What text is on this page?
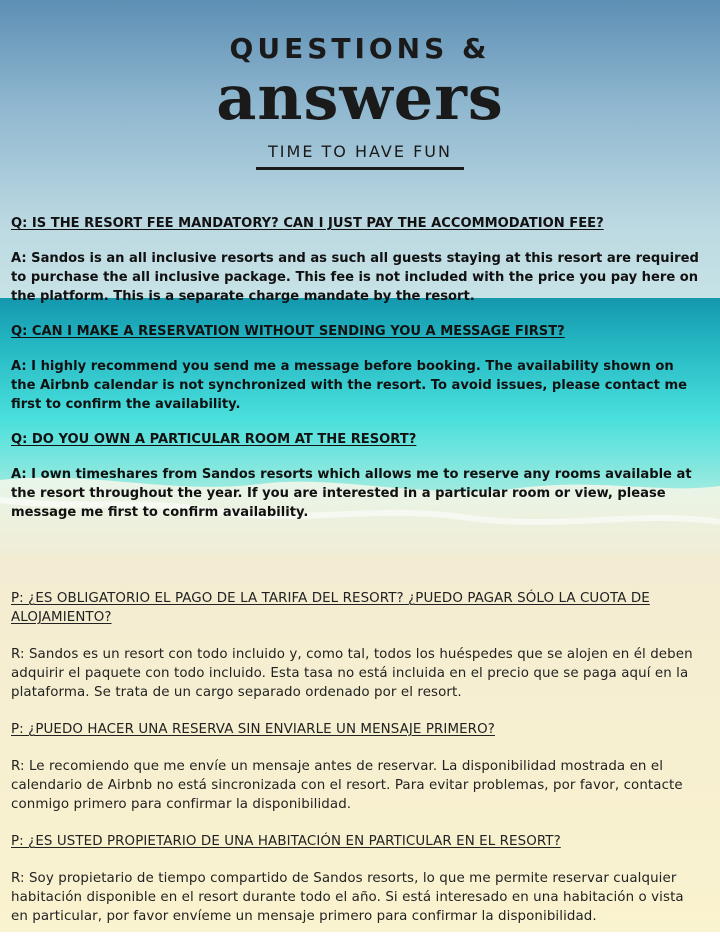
QUESTIONS &
answers
TIME TO HAVE FUN
Q: IS THE RESORT FEE MANDATORY? CAN I JUST PAY THE ACCOMMODATION FEE?
A: Sandos is an all inclusive resorts and as such all guests staying at this resort are required to purchase the all inclusive package. This fee is not included with the price you pay here on the platform. This is a separate charge mandate by the resort.
Q: CAN I MAKE A RESERVATION WITHOUT SENDING YOU A MESSAGE FIRST?
A: I highly recommend you send me a message before booking. The availability shown on the Airbnb calendar is not synchronized with the resort. To avoid issues, please contact me first to confirm the availability.
Q: DO YOU OWN A PARTICULAR ROOM AT THE RESORT?
A: I own timeshares from Sandos resorts which allows me to reserve any rooms available at the resort throughout the year. If you are interested in a particular room or view, please message me first to confirm availability.
P: ¿ES OBLIGATORIO EL PAGO DE LA TARIFA DEL RESORT? ¿PUEDO PAGAR SÓLO LA CUOTA DE ALOJAMIENTO?
R: Sandos es un resort con todo incluido y, como tal, todos los huéspedes que se alojen en él deben adquirir el paquete con todo incluido. Esta tasa no está incluida en el precio que se paga aquí en la plataforma. Se trata de un cargo separado ordenado por el resort.
P: ¿PUEDO HACER UNA RESERVA SIN ENVIARLE UN MENSAJE PRIMERO?
R: Le recomiendo que me envíe un mensaje antes de reservar. La disponibilidad mostrada en el calendario de Airbnb no está sincronizada con el resort. Para evitar problemas, por favor, contacte conmigo primero para confirmar la disponibilidad.
P: ¿ES USTED PROPIETARIO DE UNA HABITACIÓN EN PARTICULAR EN EL RESORT?
R: Soy propietario de tiempo compartido de Sandos resorts, lo que me permite reservar cualquier habitación disponible en el resort durante todo el año. Si está interesado en una habitación o vista en particular, por favor envíeme un mensaje primero para confirmar la disponibilidad.
